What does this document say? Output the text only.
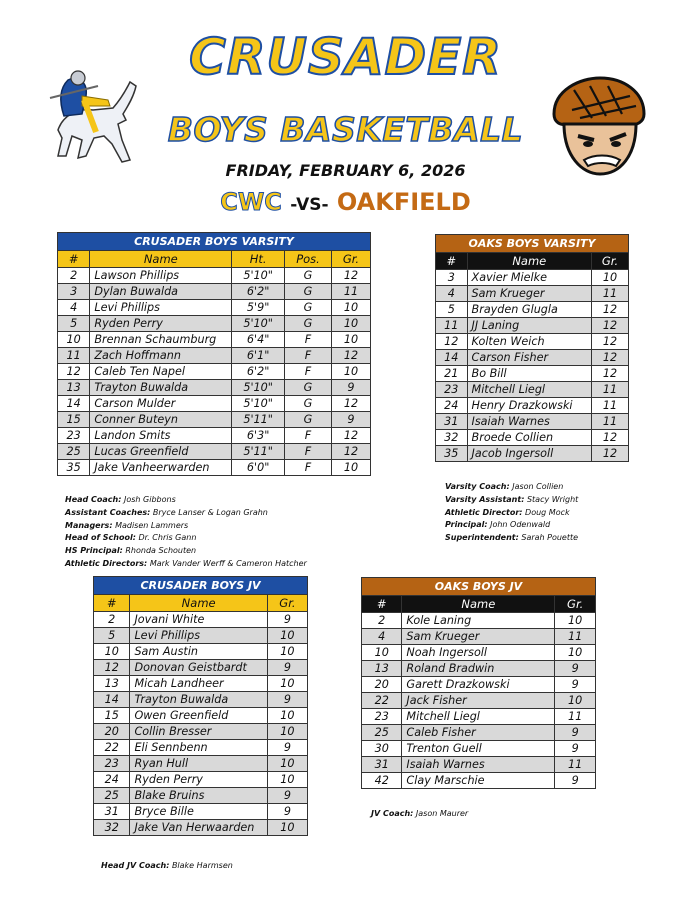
CRUSADER
BOYS BASKETBALL
FRIDAY, FEBRUARY 6, 2026
CWC -VS- OAKFIELD
CRUSADER BOYS VARSITY				
#	Name	Ht.	Pos.	Gr.
2	Lawson Phillips	5'10"	G	12
3	Dylan Buwalda	6'2"	G	11
4	Levi Phillips	5'9"	G	10
5	Ryden Perry	5'10"	G	10
10	Brennan Schaumburg	6'4"	F	10
11	Zach Hoffmann	6'1"	F	12
12	Caleb Ten Napel	6'2"	F	10
13	Trayton Buwalda	5'10"	G	9
14	Carson Mulder	5'10"	G	12
15	Conner Buteyn	5'11"	G	9
23	Landon Smits	6'3"	F	12
25	Lucas Greenfield	5'11"	F	12
35	Jake Vanheerwarden	6'0"	F	10
OAKS BOYS VARSITY		
#	Name	Gr.
3	Xavier Mielke	10
4	Sam Krueger	11
5	Brayden Glugla	12
11	JJ Laning	12
12	Kolten Weich	12
14	Carson Fisher	12
21	Bo Bill	12
23	Mitchell Liegl	11
24	Henry Drazkowski	11
31	Isaiah Warnes	11
32	Broede Collien	12
35	Jacob Ingersoll	12
Head Coach: Josh Gibbons
Assistant Coaches: Bryce Lanser & Logan Grahn
Managers: Madisen Lammers
Head of School: Dr. Chris Gann
HS Principal: Rhonda Schouten
Athletic Directors: Mark Vander Werff & Cameron Hatcher
Varsity Coach: Jason Collien
Varsity Assistant: Stacy Wright
Athletic Director: Doug Mock
Principal: John Odenwald
Superintendent: Sarah Pouette
CRUSADER BOYS JV		
#	Name	Gr.
2	Jovani White	9
5	Levi Phillips	10
10	Sam Austin	10
12	Donovan Geistbardt	9
13	Micah Landheer	10
14	Trayton Buwalda	9
15	Owen Greenfield	10
20	Collin Bresser	10
22	Eli Sennbenn	9
23	Ryan Hull	10
24	Ryden Perry	10
25	Blake Bruins	9
31	Bryce Bille	9
32	Jake Van Herwaarden	10
OAKS BOYS JV		
#	Name	Gr.
2	Kole Laning	10
4	Sam Krueger	11
10	Noah Ingersoll	10
13	Roland Bradwin	9
20	Garett Drazkowski	9
22	Jack Fisher	10
23	Mitchell Liegl	11
25	Caleb Fisher	9
30	Trenton Guell	9
31	Isaiah Warnes	11
42	Clay Marschie	9
JV Coach: Jason Maurer
Head JV Coach: Blake Harmsen
